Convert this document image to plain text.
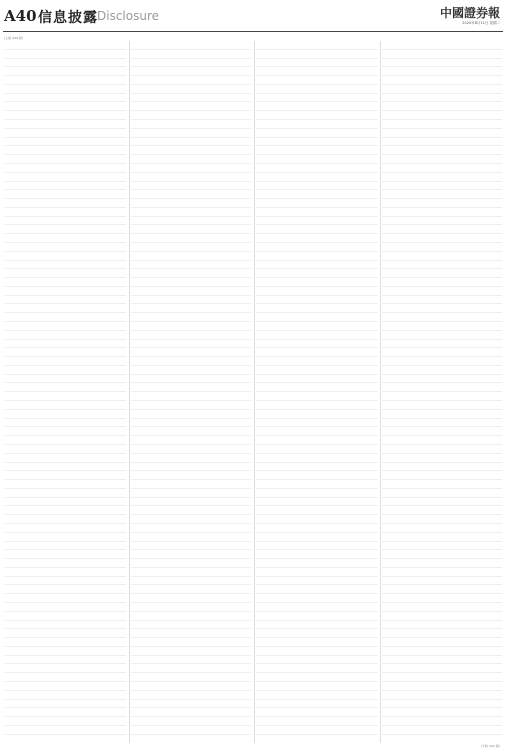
A40 信息披露 Disclosure	中國證券報
2020年8月11日 星期二
(上接 A39 版)
(下转 A41 版)
